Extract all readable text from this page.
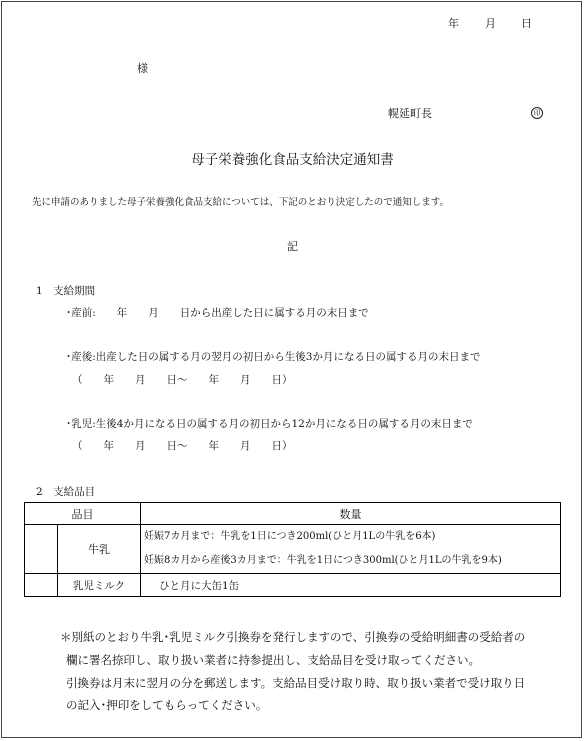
年 月 日
様
幌延町長	印
母子栄養強化食品支給決定通知書
先に申請のありました母子栄養強化食品支給については、下記のとおり決定したので通知します。
記
1　支給期間
･産前:　　年　　月　　日から出産した日に属する月の末日まで
･産後:出産した日の属する月の翌月の初日から生後3か月になる日の属する月の末日まで
（　　年　　月　　日～　　年　　月　　日）
･乳児:生後4か月になる日の属する月の初日から12か月になる日の属する月の末日まで
（　　年　　月　　日～　　年　　月　　日）
2　支給品目
品目		数量
	牛乳	妊娠7カ月まで：牛乳を1日につき200ml(ひと月1Lの牛乳を6本)
		妊娠8カ月から産後3カ月まで：牛乳を1日につき300ml(ひと月1Lの牛乳を9本)
	乳児ミルク	ひと月に大缶1缶
＊別紙のとおり牛乳･乳児ミルク引換券を発行しますので、引換券の受給明細書の受給者の
欄に署名捺印し、取り扱い業者に持参提出し、支給品目を受け取ってください。
引換券は月末に翌月の分を郵送します。支給品目受け取り時、取り扱い業者で受け取り日
の記入･押印をしてもらってください。
